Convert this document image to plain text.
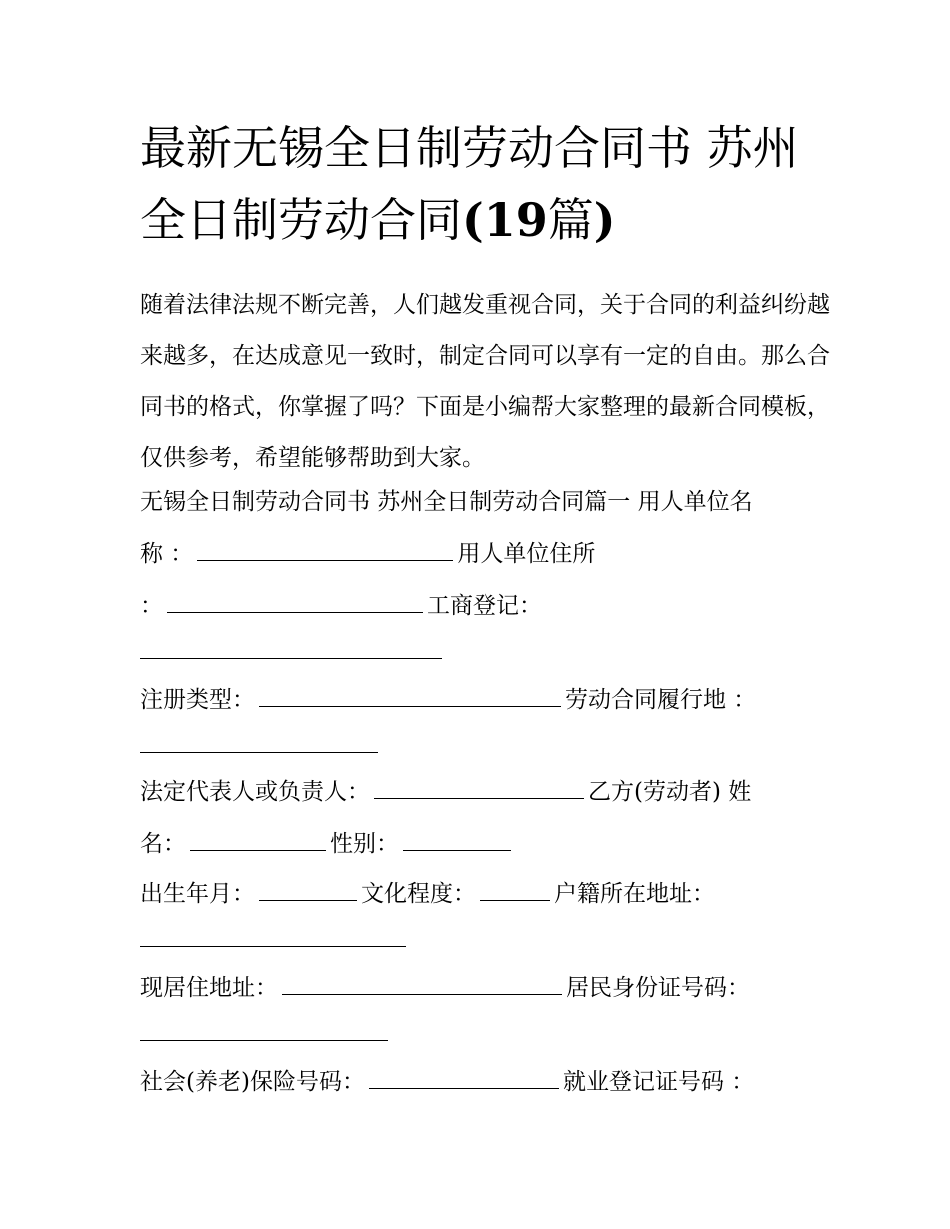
最新无锡全日制劳动合同书 苏州全日制劳动合同(19篇)

随着法律法规不断完善，人们越发重视合同，关于合同的利益纠纷越来越多，在达成意见一致时，制定合同可以享有一定的自由。那么合同书的格式，你掌握了吗？下面是小编帮大家整理的最新合同模板，仅供参考，希望能够帮助到大家。

无锡全日制劳动合同书 苏州全日制劳动合同篇一 用人单位名

称 ：	用人单位住所

：	工商登记：

注册类型：	劳动合同履行地 ：

法定代表人或负责人：	乙方(劳动者) 姓

名：	性别：

出生年月：	文化程度：	户籍所在地址：

现居住地址：	居民身份证号码：

社会(养老)保险号码：	就业登记证号码 ：
